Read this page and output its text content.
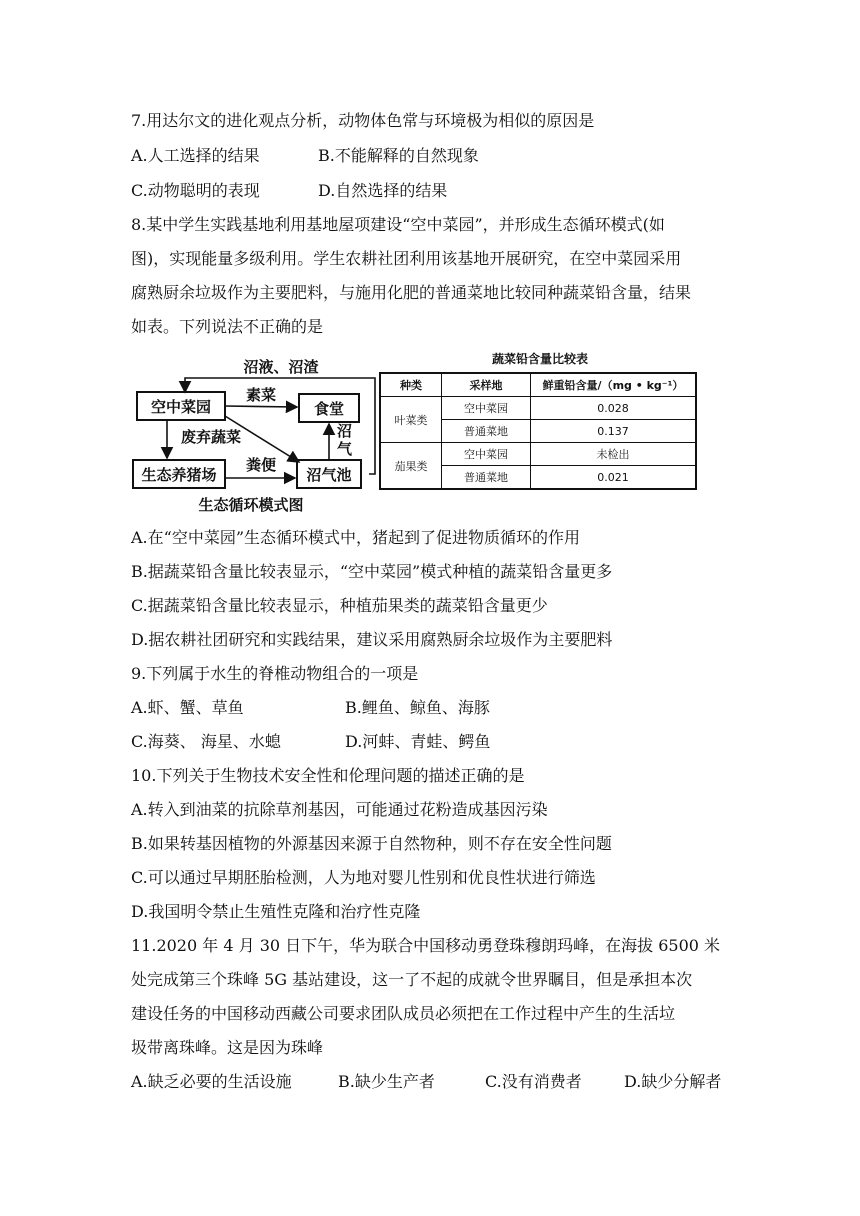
7.用达尔文的进化观点分析，动物体色常与环境极为相似的原因是
A.人工选择的结果	B.不能解释的自然现象
C.动物聪明的表现	D.自然选择的结果
8.某中学生实践基地利用基地屋项建设“空中菜园”，并形成生态循环模式(如
图)，实现能量多级利用。学生农耕社团利用该基地开展研究，在空中菜园采用
腐熟厨余垃圾作为主要肥料，与施用化肥的普通菜地比较同种蔬菜铅含量，结果
如表。下列说法不正确的是
空中菜园	食堂
生态养猪场	沼气池
沼液、沼渣
素菜
废弃蔬菜	沼
气
粪便
生态循环模式图
蔬菜铅含量比较表
种类	采样地	鲜重铅含量/（mg • kg⁻¹）
叶菜类	空中菜园	0.028
	普通菜地	0.137
茄果类	空中菜园	未检出
	普通菜地	0.021
A.在“空中菜园”生态循环模式中，猪起到了促进物质循环的作用
B.据蔬菜铅含量比较表显示，“空中菜园”模式种植的蔬菜铅含量更多
C.据蔬菜铅含量比较表显示，种植茄果类的蔬菜铅含量更少
D.据农耕社团研究和实践结果，建议采用腐熟厨余垃圾作为主要肥料
9.下列属于水生的脊椎动物组合的一项是
A.虾、蟹、草鱼	B.鲤鱼、鲸鱼、海豚
C.海葵、 海星、水螅	D.河蚌、青蛙、鳄鱼
10.下列关于生物技术安全性和伦理问题的描述正确的是
A.转入到油菜的抗除草剂基因，可能通过花粉造成基因污染
B.如果转基因植物的外源基因来源于自然物种，则不存在安全性问题
C.可以通过早期胚胎检测，人为地对婴儿性别和优良性状进行筛选
D.我国明令禁止生殖性克隆和治疗性克隆
11.2020 年 4 月 30 日下午，华为联合中国移动勇登珠穆朗玛峰，在海拔 6500 米
处完成第三个珠峰 5G 基站建设，这一了不起的成就令世界瞩目，但是承担本次
建设任务的中国移动西藏公司要求团队成员必须把在工作过程中产生的生活垃
圾带离珠峰。这是因为珠峰
A.缺乏必要的生活设施	B.缺少生产者	C.没有消费者	D.缺少分解者
